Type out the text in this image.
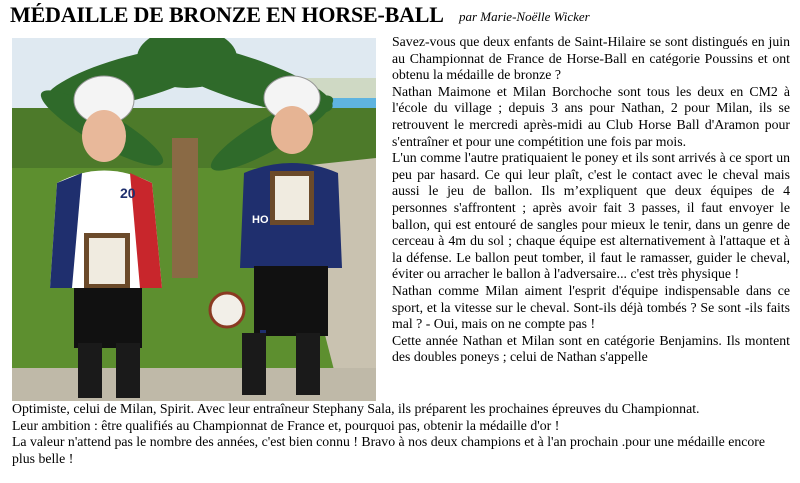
MÉDAILLE DE BRONZE EN HORSE-BALL par Marie-Noëlle Wicker
20
HO

Savez-vous que deux enfants de Saint-Hilaire se sont distingués en juin au Championnat de France de Horse-Ball en catégorie Poussins et ont obtenu la médaille de bronze ?

Nathan Maimone et Milan Borchoche sont tous les deux en CM2 à l'école du village ; depuis 3 ans pour Nathan, 2 pour Milan, ils se retrouvent le mercredi après-midi au Club Horse Ball d'Aramon pour s'entraîner et pour une compétition une fois par mois.

L'un comme l'autre pratiquaient le poney et ils sont arrivés à ce sport un peu par hasard. Ce qui leur plaît, c'est le contact avec le cheval mais aussi le jeu de ballon. Ils m’expliquent que deux équipes de 4 personnes s'affrontent ; après avoir fait 3 passes, il faut envoyer le ballon, qui est entouré de sangles pour mieux le tenir, dans un genre de cerceau à 4m du sol ; chaque équipe est alternativement à l'attaque et à la défense. Le ballon peut tomber, il faut le ramasser, guider le cheval, éviter ou arracher le ballon à l'adversaire... c'est très physique !

Nathan comme Milan aiment l'esprit d'équipe indispensable dans ce sport, et la vitesse sur le cheval. Sont-ils déjà tombés ? Se sont -ils faits mal ? - Oui, mais on ne compte pas !

Cette année Nathan et Milan sont en catégorie Benjamins. Ils montent des doubles poneys ; celui de Nathan s'appelle

Optimiste, celui de Milan, Spirit. Avec leur entraîneur Stephany Sala, ils préparent les prochaines épreuves du Championnat.

Leur ambition : être qualifiés au Championnat de France et, pourquoi pas, obtenir la médaille d'or !

La valeur n'attend pas le nombre des années, c'est bien connu ! Bravo à nos deux champions et à l'an prochain .pour une médaille encore plus belle !
